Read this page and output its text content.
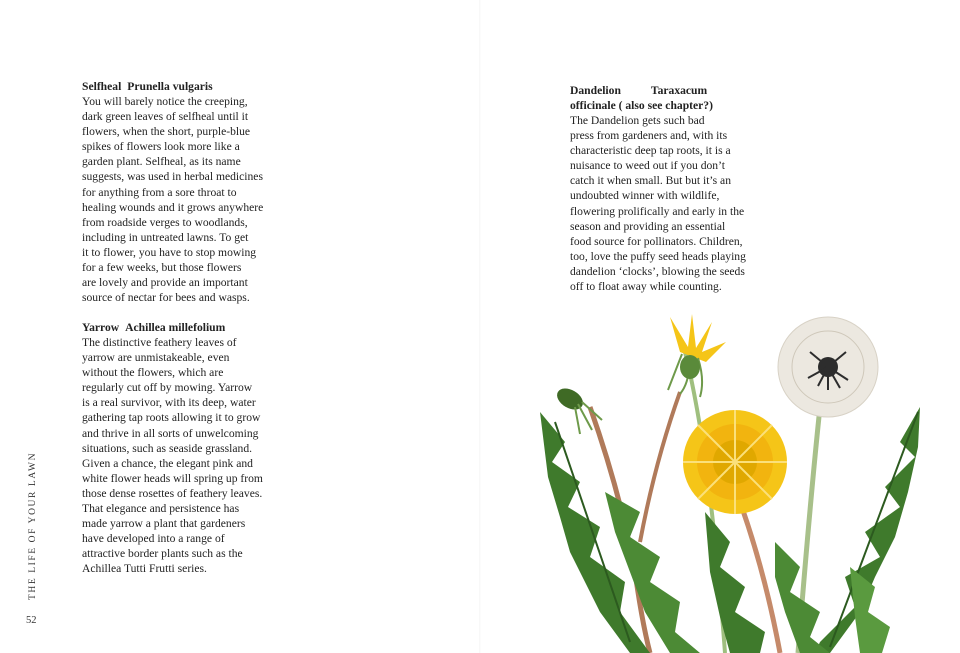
Selfheal Prunella vulgaris

You will barely notice the creeping,
dark green leaves of selfheal until it
flowers, when the short, purple-blue
spikes of flowers look more like a
garden plant. Selfheal, as its name
suggests, was used in herbal medicines
for anything from a sore throat to
healing wounds and it grows anywhere
from roadside verges to woodlands,
including in untreated lawns. To get
it to flower, you have to stop mowing
for a few weeks, but those flowers
are lovely and provide an important
source of nectar for bees and wasps.

Yarrow Achillea millefolium

The distinctive feathery leaves of
yarrow are unmistakeable, even
without the flowers, which are
regularly cut off by mowing. Yarrow
is a real survivor, with its deep, water
gathering tap roots allowing it to grow
and thrive in all sorts of unwelcoming
situations, such as seaside grassland.
Given a chance, the elegant pink and
white flower heads will spring up from
those dense rosettes of feathery leaves.
That elegance and persistence has
made yarrow a plant that gardeners
have developed into a range of
attractive border plants such as the
Achillea Tutti Frutti series.

THE LIFE OF YOUR LAWN
52

Dandelion	Taraxacum

officinale ( also see chapter?)

The Dandelion gets such bad
press from gardeners and, with its
characteristic deep tap roots, it is a
nuisance to weed out if you don’t
catch it when small. But but it’s an
undoubted winner with wildlife,
flowering prolifically and early in the
season and providing an essential
food source for pollinators. Children,
too, love the puffy seed heads playing
dandelion ‘clocks’, blowing the seeds
off to float away while counting.
